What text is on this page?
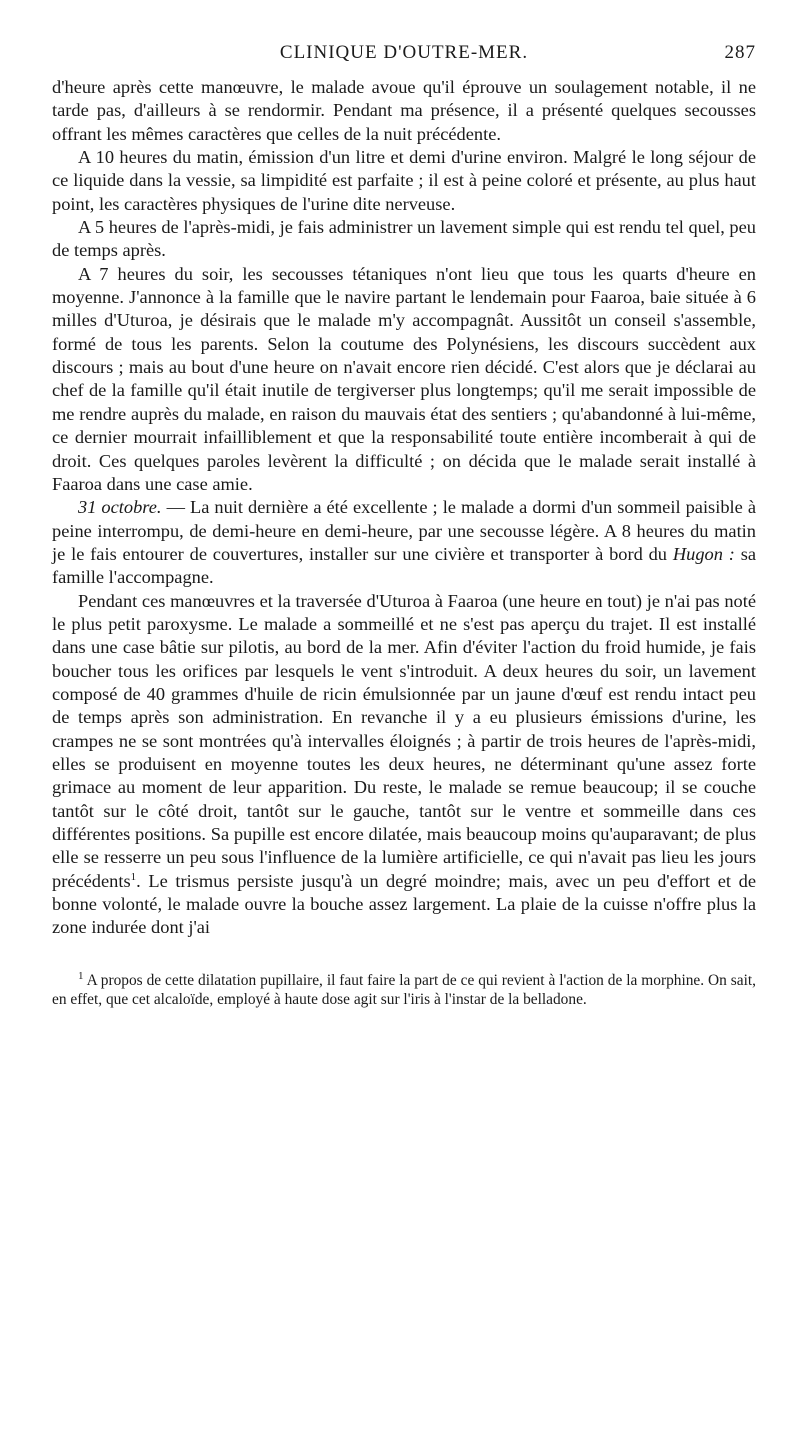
CLINIQUE D'OUTRE-MER.	287

d'heure après cette manœuvre, le malade avoue qu'il éprouve un soulagement notable, il ne tarde pas, d'ailleurs à se rendormir. Pendant ma présence, il a présenté quelques secousses offrant les mêmes caractères que celles de la nuit précédente.

A 10 heures du matin, émission d'un litre et demi d'urine environ. Malgré le long séjour de ce liquide dans la vessie, sa limpidité est parfaite ; il est à peine coloré et présente, au plus haut point, les caractères physiques de l'urine dite nerveuse.

A 5 heures de l'après-midi, je fais administrer un lavement simple qui est rendu tel quel, peu de temps après.

A 7 heures du soir, les secousses tétaniques n'ont lieu que tous les quarts d'heure en moyenne. J'annonce à la famille que le navire partant le lendemain pour Faaroa, baie située à 6 milles d'Uturoa, je désirais que le malade m'y accompagnât. Aussitôt un conseil s'assemble, formé de tous les parents. Selon la coutume des Polynésiens, les discours succèdent aux discours ; mais au bout d'une heure on n'avait encore rien décidé. C'est alors que je déclarai au chef de la famille qu'il était inutile de tergiverser plus longtemps; qu'il me serait impossible de me rendre auprès du malade, en raison du mauvais état des sentiers ; qu'abandonné à lui-même, ce dernier mourrait infailliblement et que la responsabilité toute entière incomberait à qui de droit. Ces quelques paroles levèrent la difficulté ; on décida que le malade serait installé à Faaroa dans une case amie.

31 octobre. — La nuit dernière a été excellente ; le malade a dormi d'un sommeil paisible à peine interrompu, de demi-heure en demi-heure, par une secousse légère. A 8 heures du matin je le fais entourer de couvertures, installer sur une civière et transporter à bord du Hugon : sa famille l'accompagne.

Pendant ces manœuvres et la traversée d'Uturoa à Faaroa (une heure en tout) je n'ai pas noté le plus petit paroxysme. Le malade a sommeillé et ne s'est pas aperçu du trajet. Il est installé dans une case bâtie sur pilotis, au bord de la mer. Afin d'éviter l'action du froid humide, je fais boucher tous les orifices par lesquels le vent s'introduit. A deux heures du soir, un lavement composé de 40 grammes d'huile de ricin émulsionnée par un jaune d'œuf est rendu intact peu de temps après son administration. En revanche il y a eu plusieurs émissions d'urine, les crampes ne se sont montrées qu'à intervalles éloignés ; à partir de trois heures de l'après-midi, elles se produisent en moyenne toutes les deux heures, ne déterminant qu'une assez forte grimace au moment de leur apparition. Du reste, le malade se remue beaucoup; il se couche tantôt sur le côté droit, tantôt sur le gauche, tantôt sur le ventre et sommeille dans ces différentes positions. Sa pupille est encore dilatée, mais beaucoup moins qu'auparavant; de plus elle se resserre un peu sous l'influence de la lumière artificielle, ce qui n'avait pas lieu les jours précédents$^1$. Le trismus persiste jusqu'à un degré moindre; mais, avec un peu d'effort et de bonne volonté, le malade ouvre la bouche assez largement. La plaie de la cuisse n'offre plus la zone indurée dont j'ai

$^1$ A propos de cette dilatation pupillaire, il faut faire la part de ce qui revient à l'action de la morphine. On sait, en effet, que cet alcaloïde, employé à haute dose agit sur l'iris à l'instar de la belladone.
